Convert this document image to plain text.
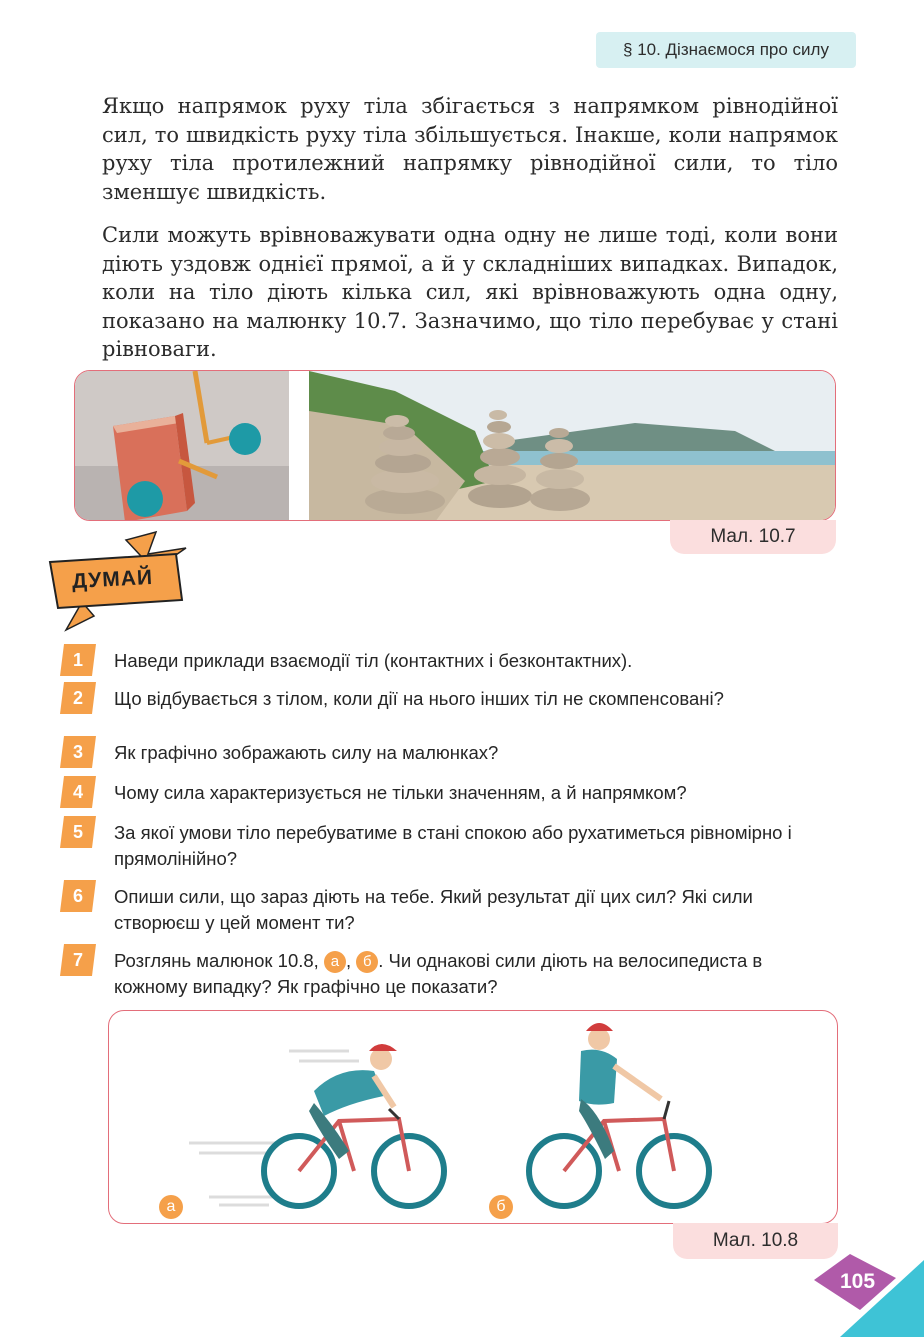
§ 10. Дізнаємося про силу

Якщо напрямок руху тіла збігається з напрямком рівнодійної сил, то швидкість руху тіла збільшується. Інакше, коли напрямок руху тіла протилежний напрямку рівнодійної сили, то тіло зменшує швидкість.

Сили можуть врівноважувати одна одну не лише тоді, коли вони діють уздовж однієї прямої, а й у складніших випадках. Випадок, коли на тіло діють кілька сил, які врівноважують одна одну, показано на малюнку 10.7. Зазначимо, що тіло перебуває у стані рівноваги.

Мал. 10.7
ДУМАЙ
1	Наведи приклади взаємодії тіл (контактних і безконтактних).

2	Що відбувається з тілом, коли дії на нього інших тіл не скомпенсовані?

3	Як графічно зображають силу на малюнках?

4	Чому сила характеризується не тільки значенням, а й напрямком?

5	За якої умови тіло перебуватиме в стані спокою або рухатиметься рівномірно і прямолінійно?

6	Опиши сили, що зараз діють на тебе. Який результат дії цих сил? Які сили створюєш у цей момент ти?

7	Розглянь малюнок 10.8, а , б . Чи однакові сили діють на велосипедиста в кожному випадку? Як графічно це показати?

а	б
Мал. 10.8
105
